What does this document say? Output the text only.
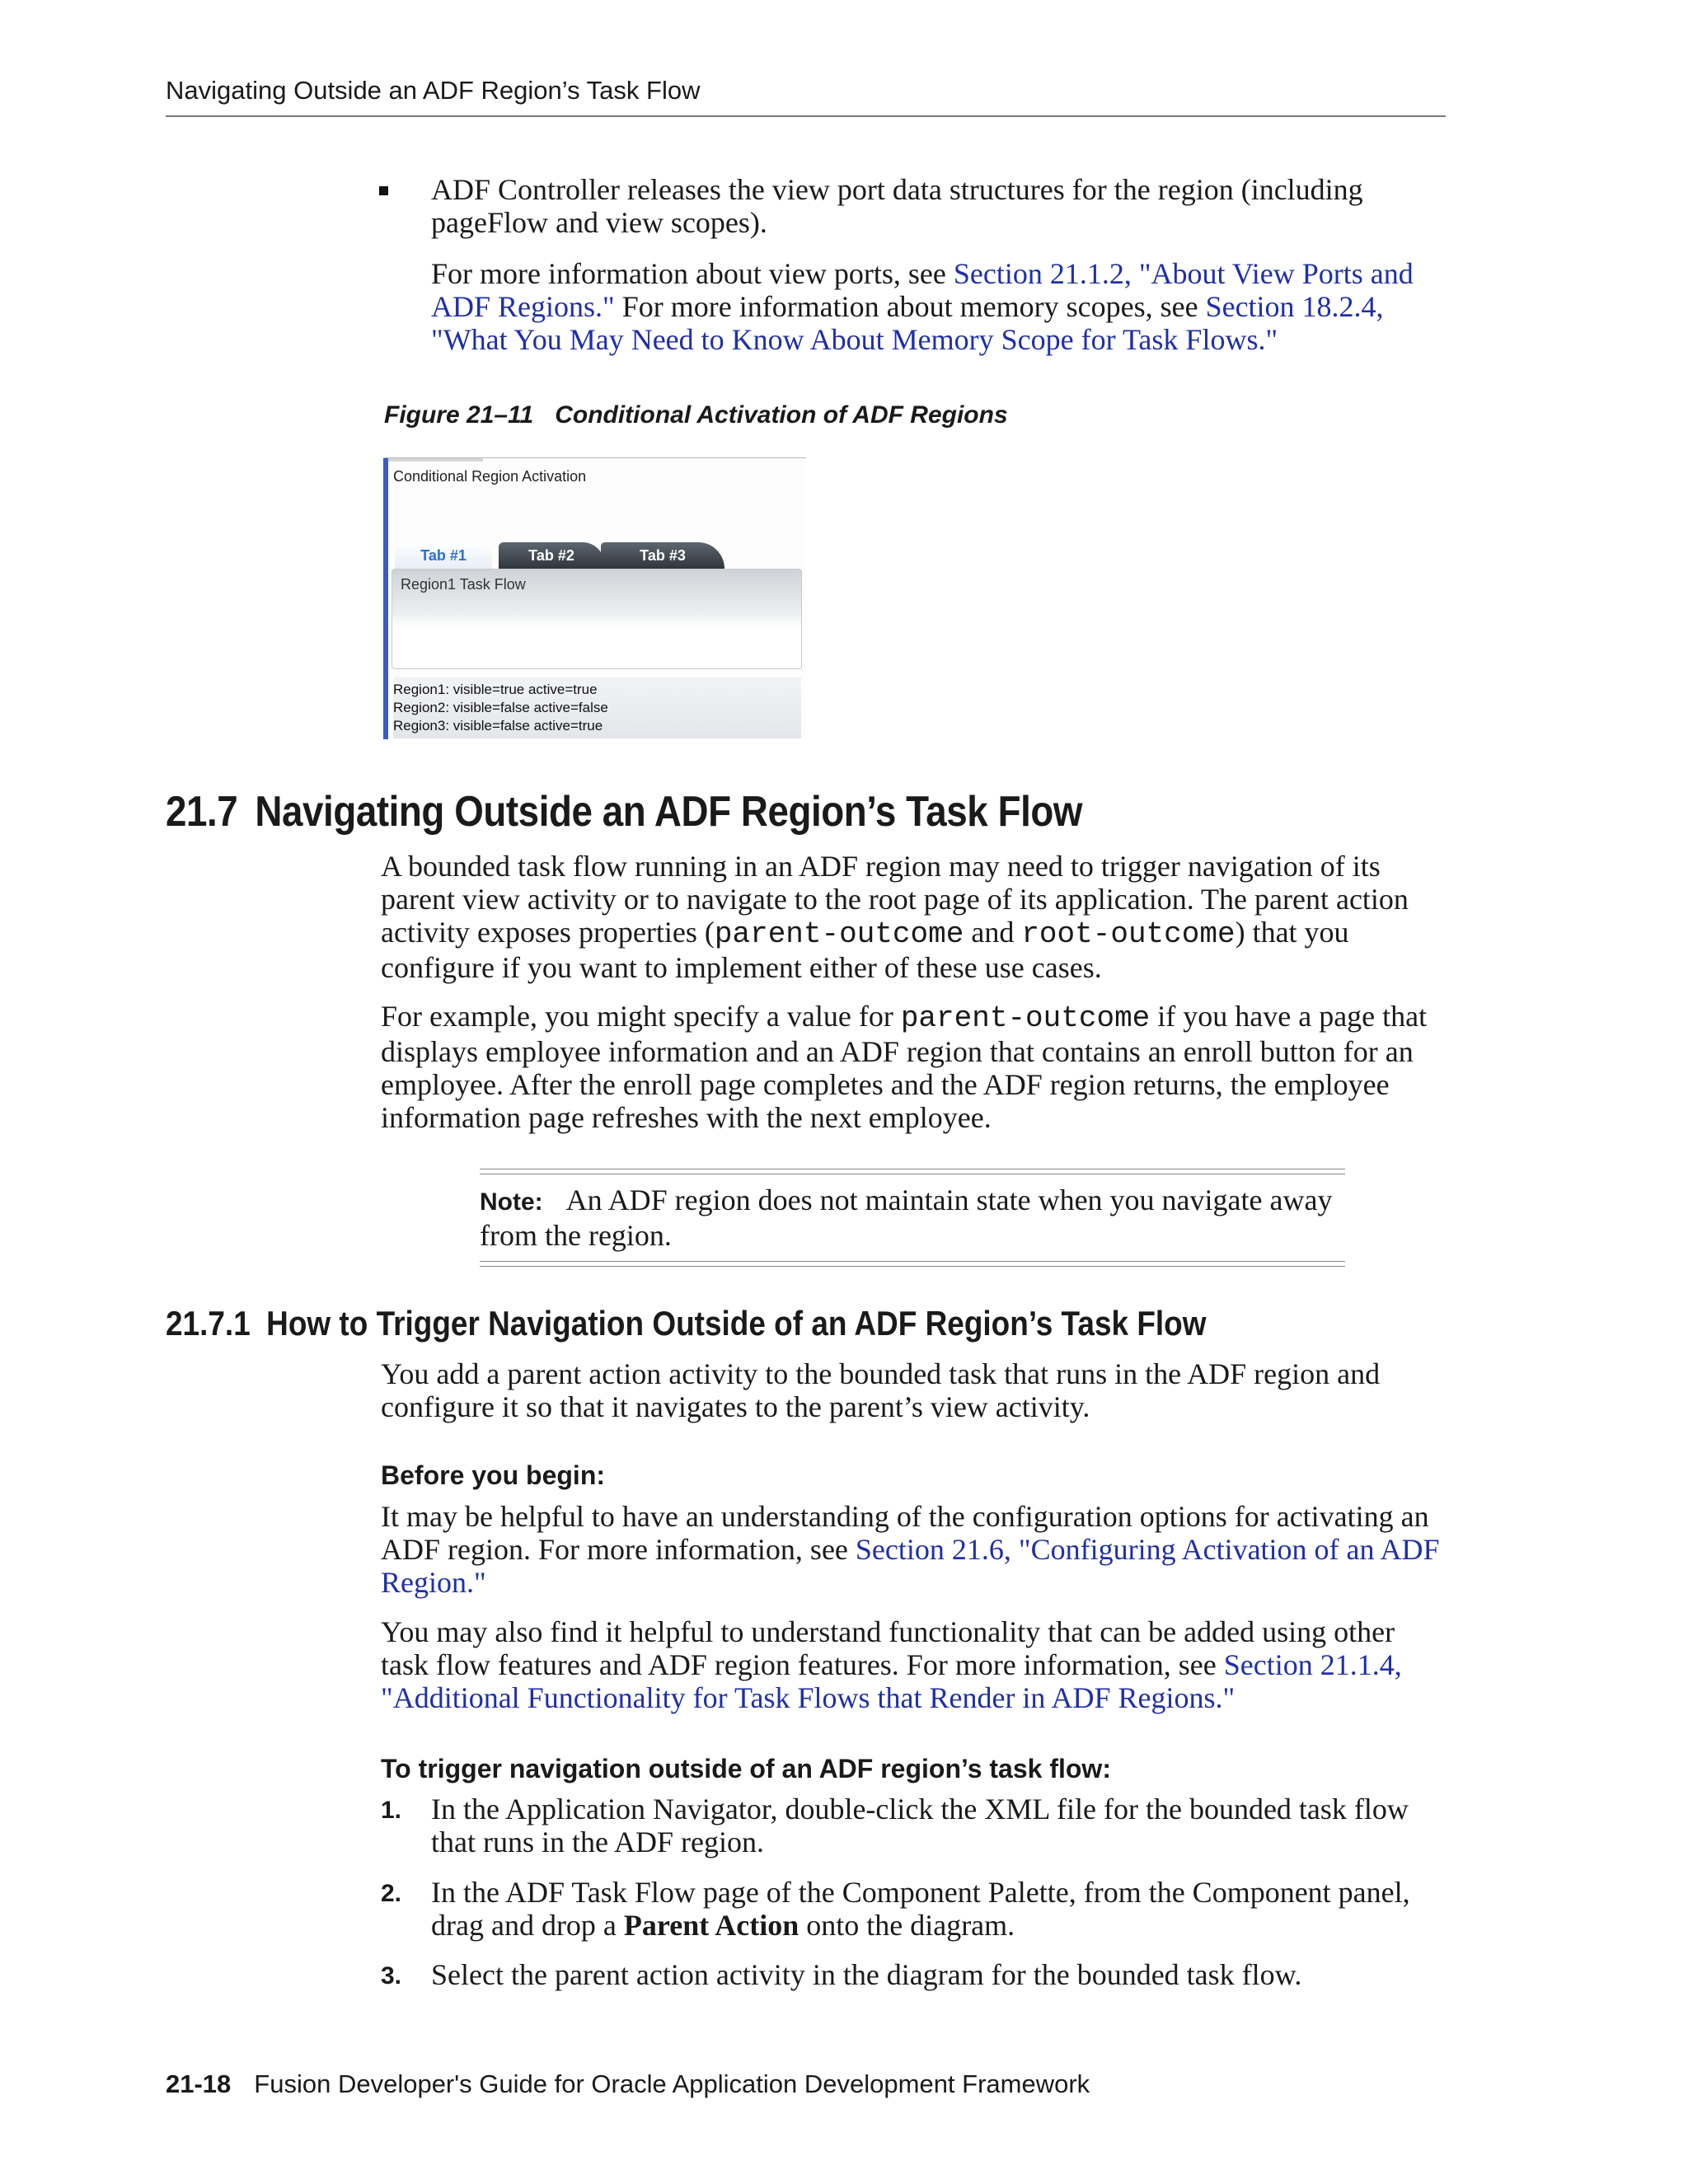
Navigating Outside an ADF Region’s Task Flow
ADF Controller releases the view port data structures for the region (including pageFlow and view scopes).
For more information about view ports, see Section 21.1.2, "About View Ports and ADF Regions." For more information about memory scopes, see Section 18.2.4, "What You May Need to Know About Memory Scope for Task Flows."
Figure 21–11 Conditional Activation of ADF Regions
Conditional Region Activation
Tab #1	Tab #2	Tab #3
Region1 Task Flow
Region1: visible=true active=true
Region2: visible=false active=false
Region3: visible=false active=true
21.7 Navigating Outside an ADF Region’s Task Flow
A bounded task flow running in an ADF region may need to trigger navigation of its parent view activity or to navigate to the root page of its application. The parent action activity exposes properties (parent-outcome and root-outcome) that you configure if you want to implement either of these use cases.
For example, you might specify a value for parent-outcome if you have a page that displays employee information and an ADF region that contains an enroll button for an employee. After the enroll page completes and the ADF region returns, the employee information page refreshes with the next employee.
Note: An ADF region does not maintain state when you navigate away from the region.
21.7.1 How to Trigger Navigation Outside of an ADF Region’s Task Flow
You add a parent action activity to the bounded task that runs in the ADF region and configure it so that it navigates to the parent’s view activity.
Before you begin:
It may be helpful to have an understanding of the configuration options for activating an ADF region. For more information, see Section 21.6, "Configuring Activation of an ADF Region."
You may also find it helpful to understand functionality that can be added using other task flow features and ADF region features. For more information, see Section 21.1.4, "Additional Functionality for Task Flows that Render in ADF Regions."
To trigger navigation outside of an ADF region’s task flow:
1. In the Application Navigator, double-click the XML file for the bounded task flow that runs in the ADF region.
2. In the ADF Task Flow page of the Component Palette, from the Component panel, drag and drop a Parent Action onto the diagram.
3. Select the parent action activity in the diagram for the bounded task flow.
21-18 Fusion Developer's Guide for Oracle Application Development Framework
